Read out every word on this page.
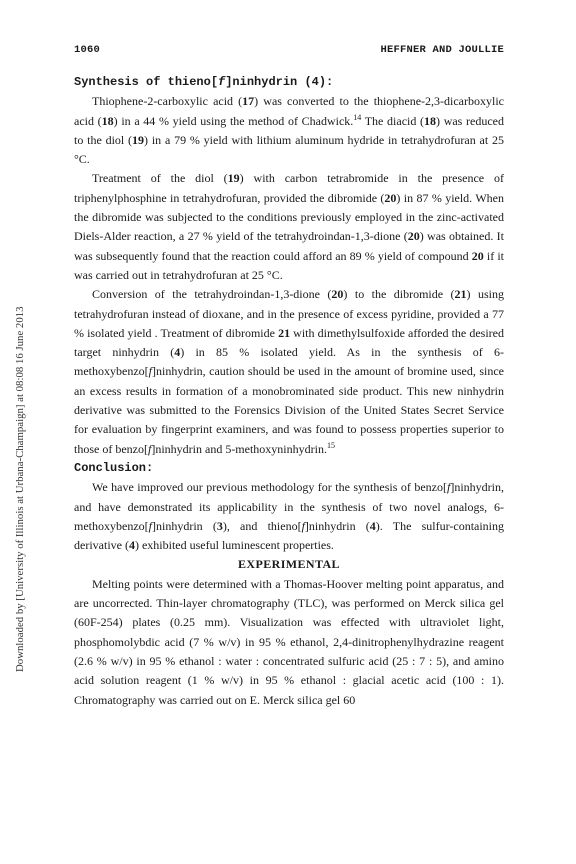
1060	HEFFNER AND JOULLIE
Downloaded by [University of Illinois at Urbana-Champaign] at 08:08 16 June 2013

Synthesis of thieno[f]ninhydrin (4):

Thiophene-2-carboxylic acid (17) was converted to the thiophene-2,3-dicarboxylic acid (18) in a 44 % yield using the method of Chadwick.$^{14}$ The diacid (18) was reduced to the diol (19) in a 79 % yield with lithium aluminum hydride in tetrahydrofuran at 25 °C.

Treatment of the diol (19) with carbon tetrabromide in the presence of triphenylphosphine in tetrahydrofuran, provided the dibromide (20) in 87 % yield. When the dibromide was subjected to the conditions previously employed in the zinc-activated Diels-Alder reaction, a 27 % yield of the tetrahydroindan-1,3-dione (20) was obtained. It was subsequently found that the reaction could afford an 89 % yield of compound 20 if it was carried out in tetrahydrofuran at 25 °C.

Conversion of the tetrahydroindan-1,3-dione (20) to the dibromide (21) using tetrahydrofuran instead of dioxane, and in the presence of excess pyridine, provided a 77 % isolated yield . Treatment of dibromide 21 with dimethylsulfoxide afforded the desired target ninhydrin (4) in 85 % isolated yield. As in the synthesis of 6-methoxybenzo[f]ninhydrin, caution should be used in the amount of bromine used, since an excess results in formation of a monobrominated side product. This new ninhydrin derivative was submitted to the Forensics Division of the United States Secret Service for evaluation by fingerprint examiners, and was found to possess properties superior to those of benzo[f]ninhydrin and 5-methoxyninhydrin.$^{15}$

Conclusion:

We have improved our previous methodology for the synthesis of benzo[f]ninhydrin, and have demonstrated its applicability in the synthesis of two novel analogs, 6-methoxybenzo[f]ninhydrin (3), and thieno[f]ninhydrin (4). The sulfur-containing derivative (4) exhibited useful luminescent properties.

EXPERIMENTAL

Melting points were determined with a Thomas-Hoover melting point apparatus, and are uncorrected. Thin-layer chromatography (TLC), was performed on Merck silica gel (60F-254) plates (0.25 mm). Visualization was effected with ultraviolet light, phosphomolybdic acid (7 % w/v) in 95 % ethanol, 2,4-dinitrophenylhydrazine reagent (2.6 % w/v) in 95 % ethanol : water : concentrated sulfuric acid (25 : 7 : 5), and amino acid solution reagent (1 % w/v) in 95 % ethanol : glacial acetic acid (100 : 1). Chromatography was carried out on E. Merck silica gel 60
